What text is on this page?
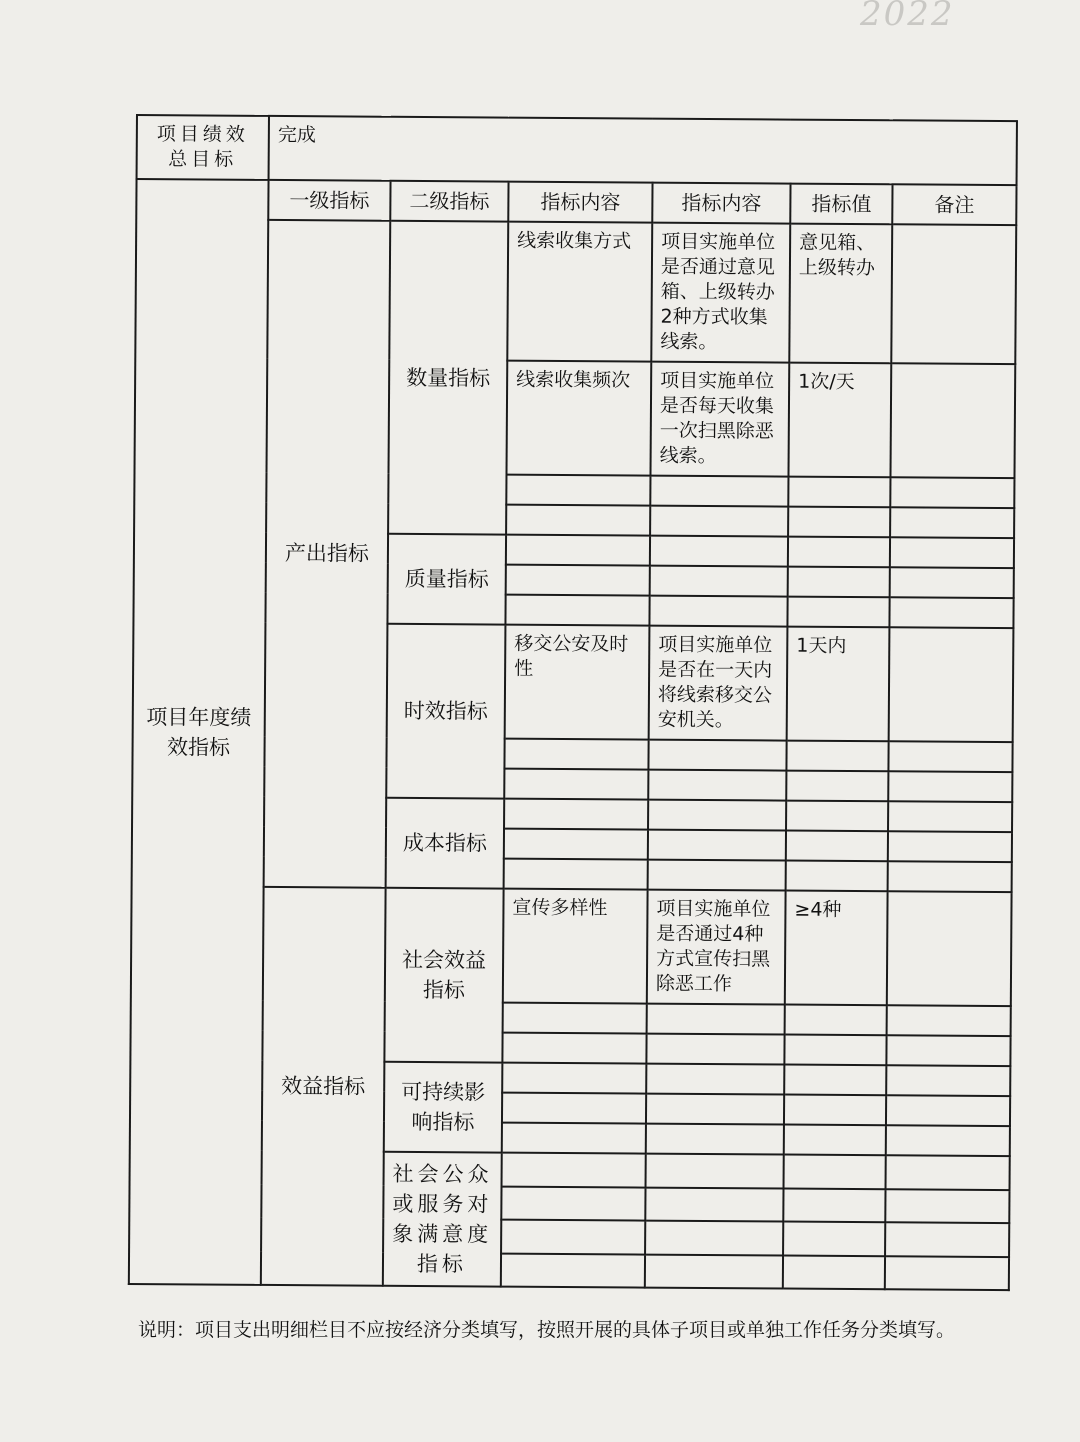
2022
项目绩效总目标	完成					
项目年度绩效指标	一级指标	二级指标	指标内容	指标内容	指标值	备注
	产出指标	数量指标	线索收集方式	项目实施单位是否通过意见箱、上级转办2种方式收集线索。	意见箱、上级转办	
			线索收集频次	项目实施单位是否每天收集一次扫黑除恶线索。	1次/天	

		质量指标				

		时效指标	移交公安及时性	项目实施单位是否在一天内将线索移交公安机关。	1天内	

		成本指标				

	效益指标	社会效益指标	宣传多样性	项目实施单位是否通过4种方式宣传扫黑除恶工作	≥4种	

		可持续影响指标				

		社会公众或服务对象满意度指标				

说明：项目支出明细栏目不应按经济分类填写，按照开展的具体子项目或单独工作任务分类填写。
